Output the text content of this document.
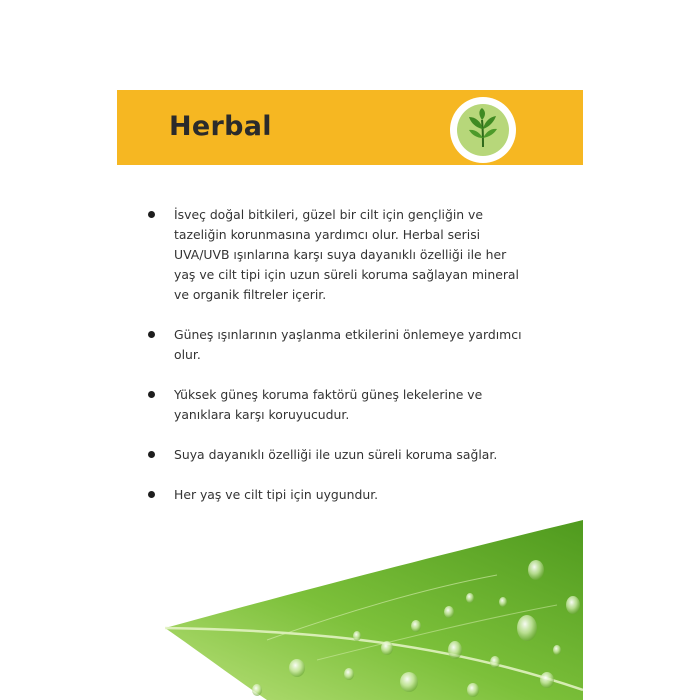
Herbal
İsveç doğal bitkileri, güzel bir cilt için gençliğin ve tazeliğin korunmasına yardımcı olur. Herbal serisi UVA/UVB ışınlarına karşı suya dayanıklı özelliği ile her yaş ve cilt tipi için uzun süreli koruma sağlayan mineral ve organik filtreler içerir.
Güneş ışınlarının yaşlanma etkilerini önlemeye yardımcı olur.
Yüksek güneş koruma faktörü güneş lekelerine ve yanıklara karşı koruyucudur.
Suya dayanıklı özelliği ile uzun süreli koruma sağlar.
Her yaş ve cilt tipi için uygundur.
